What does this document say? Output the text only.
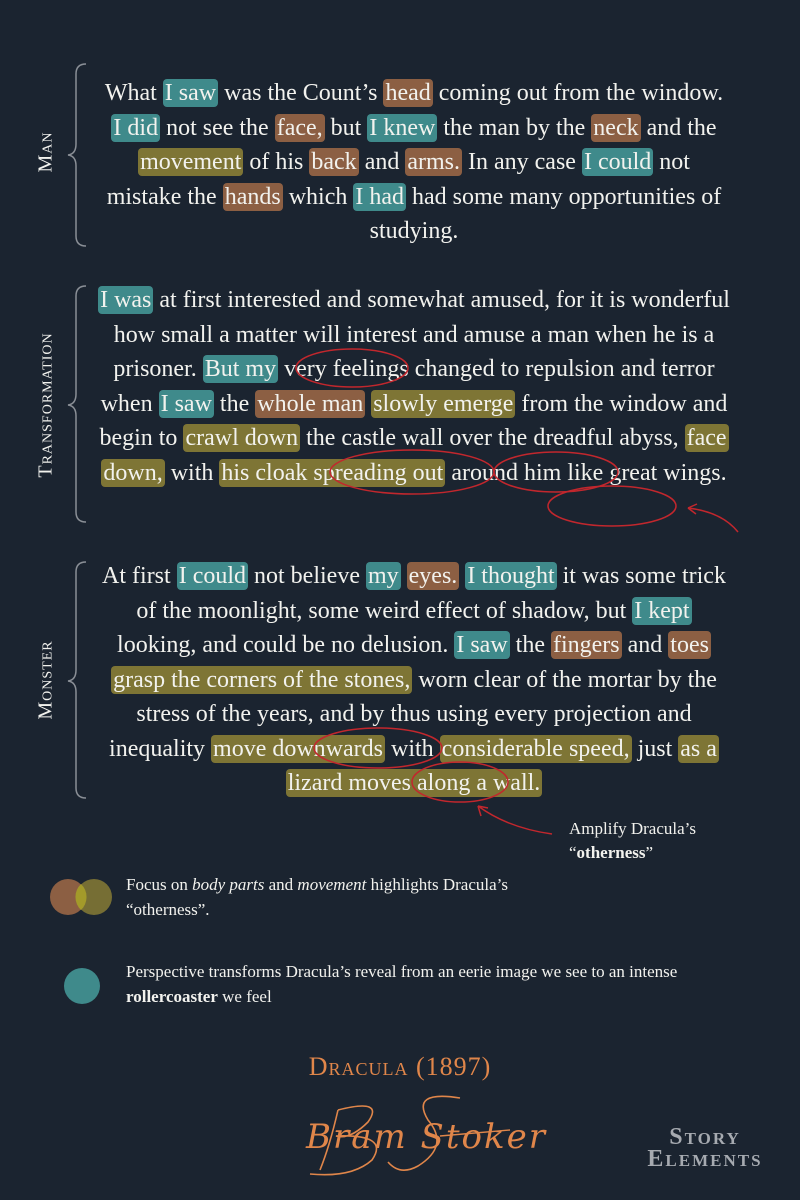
Man
What I saw was the Count’s head coming out from the window. I did not see the face, but I knew the man by the neck and the movement of his back and arms. In any case I could not mistake the hands which I had had some many opportunities of studying.
Transformation
I was at first interested and somewhat amused, for it is wonderful how small a matter will interest and amuse a man when he is a prisoner. But my very feelings changed to repulsion and terror when I saw the whole man slowly emerge from the window and begin to crawl down the castle wall over the dreadful abyss, face down, with his cloak spreading out around him like great wings.
Monster
At first I could not believe my eyes. I thought it was some trick of the moonlight, some weird effect of shadow, but I kept looking, and could be no delusion. I saw the fingers and toes grasp the corners of the stones, worn clear of the mortar by the stress of the years, and by thus using every projection and inequality move downwards with considerable speed, just as a lizard moves along a wall.
Amplify Dracula’s
“otherness”
Focus on body parts and movement highlights Dracula’s “otherness”.
Perspective transforms Dracula’s reveal from an eerie image we see to an intense rollercoaster we feel
Dracula (1897)
Bram Stoker	Story
Elements
